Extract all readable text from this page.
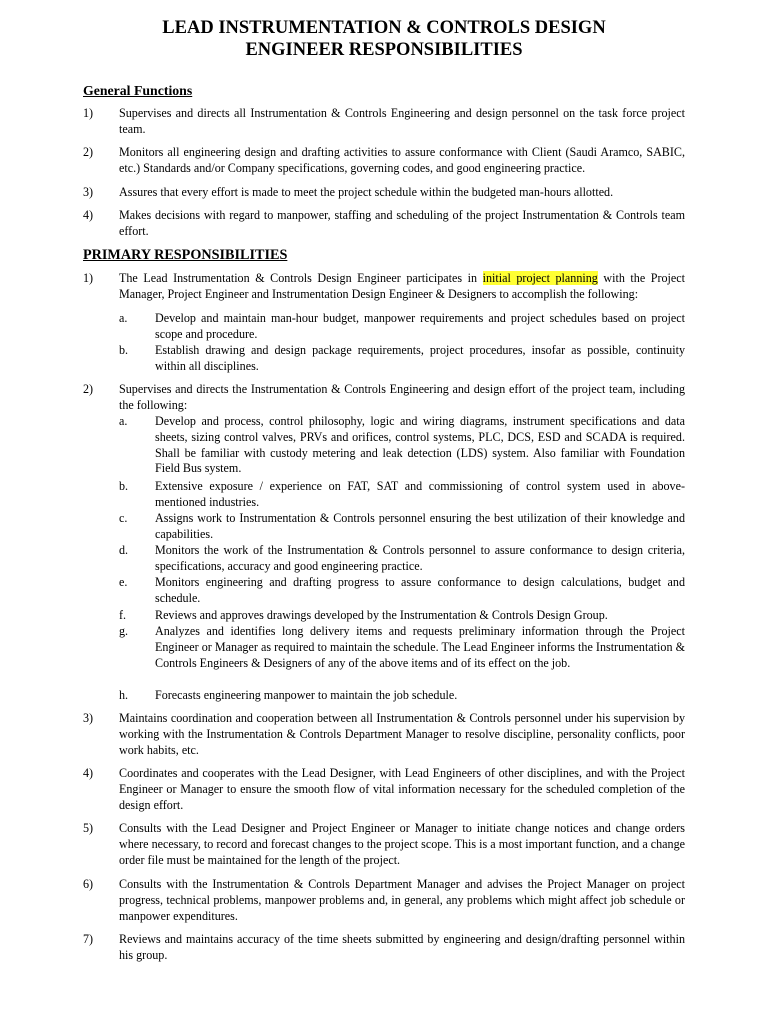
LEAD INSTRUMENTATION & CONTROLS DESIGN
ENGINEER RESPONSIBILITIES
General Functions
1) Supervises and directs all Instrumentation & Controls Engineering and design personnel on the task force project team.
2) Monitors all engineering design and drafting activities to assure conformance with Client (Saudi Aramco, SABIC, etc.) Standards and/or Company specifications, governing codes, and good engineering practice.
3) Assures that every effort is made to meet the project schedule within the budgeted man-hours allotted.
4) Makes decisions with regard to manpower, staffing and scheduling of the project Instrumentation & Controls team effort.
PRIMARY RESPONSIBILITIES
1) The Lead Instrumentation & Controls Design Engineer participates in initial project planning with the Project Manager, Project Engineer and Instrumentation Design Engineer & Designers to accomplish the following:
a. Develop and maintain man-hour budget, manpower requirements and project schedules based on project scope and procedure.
b. Establish drawing and design package requirements, project procedures, insofar as possible, continuity within all disciplines.
2) Supervises and directs the Instrumentation & Controls Engineering and design effort of the project team, including the following:
a. Develop and process, control philosophy, logic and wiring diagrams, instrument specifications and data sheets, sizing control valves, PRVs and orifices, control systems, PLC, DCS, ESD and SCADA is required. Shall be familiar with custody metering and leak detection (LDS) system. Also familiar with Foundation Field Bus system.
b. Extensive exposure / experience on FAT, SAT and commissioning of control system used in above-mentioned industries.
c. Assigns work to Instrumentation & Controls personnel ensuring the best utilization of their knowledge and capabilities.
d. Monitors the work of the Instrumentation & Controls personnel to assure conformance to design criteria, specifications, accuracy and good engineering practice.
e. Monitors engineering and drafting progress to assure conformance to design calculations, budget and schedule.
f. Reviews and approves drawings developed by the Instrumentation & Controls Design Group.
g. Analyzes and identifies long delivery items and requests preliminary information through the Project Engineer or Manager as required to maintain the schedule. The Lead Engineer informs the Instrumentation & Controls Engineers & Designers of any of the above items and of its effect on the job.
h. Forecasts engineering manpower to maintain the job schedule.
3) Maintains coordination and cooperation between all Instrumentation & Controls personnel under his supervision by working with the Instrumentation & Controls Department Manager to resolve discipline, personality conflicts, poor work habits, etc.
4) Coordinates and cooperates with the Lead Designer, with Lead Engineers of other disciplines, and with the Project Engineer or Manager to ensure the smooth flow of vital information necessary for the scheduled completion of the design effort.
5) Consults with the Lead Designer and Project Engineer or Manager to initiate change notices and change orders where necessary, to record and forecast changes to the project scope. This is a most important function, and a change order file must be maintained for the length of the project.
6) Consults with the Instrumentation & Controls Department Manager and advises the Project Manager on project progress, technical problems, manpower problems and, in general, any problems which might affect job schedule or manpower expenditures.
7) Reviews and maintains accuracy of the time sheets submitted by engineering and design/drafting personnel within his group.
